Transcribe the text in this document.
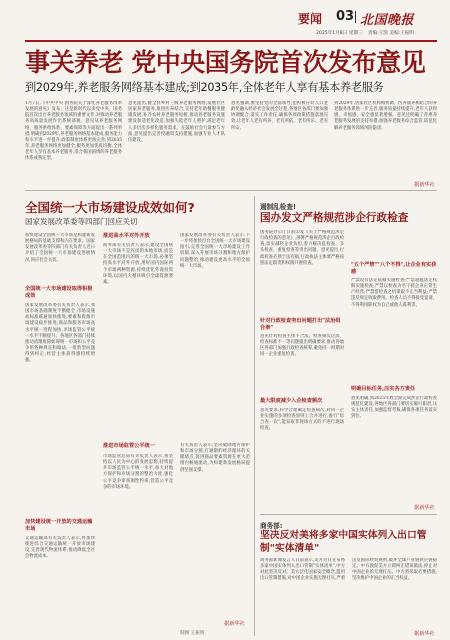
要闻 03 北国晚报
2025年1月8日 星期三 责编:王凯 美编:王振明
事关养老 党中央国务院首次发布意见
到2029年,养老服务网络基本建成;到2035年,全体老年人享有基本养老服务
1月7日,《中共中央 国务院关于深化养老服务改革发展的意见》发布。这是新时代以来党中央、国务院首次出台养老服务领域的重要文件,对推动养老服务高质量发展作出系统部署。意见从养老服务网络、服务供给体系、要素保障等方面提出一系列举措,明确到2029年,养老服务网络基本建成,服务能力和水平进一步提升,政策制度体系更加完善;到2035年,养老服务网络更加健全,服务更加优质均衡,全体老年人享有基本养老服务,适合我国国情的养老服务体系成熟定型。
意见提出,健全县乡村三级养老服务网络,发展社区居家养老服务,推进医养结合,支持老年助餐服务健康发展,补齐农村养老服务短板,推动养老服务设施建设和适老化改造,加强失能老年人照护,满足老年人多层次多样化服务需求。在鼓励社会力量参与方面,意见提出完善投融资支持措施,加强专业人才队伍建设。
意见强调,要坚持党的全面领导,把积极应对人口老龄化融入经济社会发展全过程,各地区各部门要加强协调配合,落实工作责任,确保各项政策措施落地见效,让老年人老有所养、老有所依、老有所乐、老有所安。
到2029年,居家社区机构相协调、医养康养相结合的养老服务体系进一步完善,服务质量持续提升,老年人获得感、幸福感、安全感显著增强。意见还明确了普惠养老服务发展的支持举措,加强养老服务综合监管,防范化解养老服务领域风险隐患。
据新华社
全国统一大市场建设成效如何?
国家发展改革委等四部门回应关切
加快建设全国统一大市场是构建新发展格局的基础支撑和内在要求。国家发展改革委等四部门有关负责人近日介绍了全国统一大市场建设进展情况,回应社会关切。
全国统一大市场建设取得积极成效
国家发展改革委有关负责人表示,我国市场基础制度不断健全,市场设施高标准联通加快推进,要素和资源市场建设稳步推进,商品和服务市场高水平统一进程加快,市场监管公平统一水平不断提升。各地区各部门持续推动清理废除妨碍统一市场和公平竞争的各种规定和做法,一批典型问题得到纠正,经营主体获得感持续增强。
加快建设统一开放的交通运输市场
交通运输部有关负责人表示,将加快推进综合交通运输统一开放市场建设,完善现代物流体系,推动降低全社会物流成本。
推进高水平对外开放
商务部有关负责人表示,建设全国统一大市场不是封闭的本地市场,而是在全国范围内的统一大市场,必须坚持高水平对外开放,用好国内国际两个市场两种资源,持续优化外商投资环境,以国内大循环吸引全球资源要素。
推进市场监管公平统一
市场监管总局有关负责人表示,将坚持以人民为中心的发展思想,持续提升市场监管公平统一水平,加大对地方保护和市场分割的整治力度,强化公平竞争审查刚性约束,营造公平竞争的市场环境。
国家发展改革委有关负责人表示,下一步将加快出台全国统一大市场建设指引,完善全国统一大市场建设工作机制,深入开展市场分割和地方保护问题整治,推动建设更高水平的全国统一大市场。
有关负责人表示,坚决破除地方保护和市场分割,打通制约经济循环的关键堵点,促进商品要素资源在更大范围内畅通流动,为构建新发展格局提供坚强支撑。
据新华社
制图 王振明
遏制乱检查!
国办发文严格规范涉企行政检查
国务院办公厅日前印发《关于严格规范涉企行政检查的意见》,部署严格规范涉企行政检查,切实减轻企业负担,着力解决乱检查、多头检查、重复检查等突出问题。意见提出,行政检查必须于法有据,行政执法主体要严格按照法定职责和权限开展检查。
针对行政检查突出问题打出"法治组合拳"
意见针对检查主体不合法、检查频次过高、检查标准不一等问题提出明确要求,推动各地区各部门加强行政检查统筹,避免同一时期对同一企业重复检查。
最大限度减少入企检查频次
意见要求,科学合理确定检查频次,对同一企业实施的多项检查原则上合并进行,推行"综合查一次",能采取非现场方式的不进行现场检查。
"五个严禁""八个不得",让企业有实获感
严禁没有法定依据实施检查;严禁超越法定权限实施检查;严禁以检查为名干扰企业正常生产经营;严禁借检查之机谋取不正当利益;严禁违反规定收取费用。检查人员不得接受宴请、不得利用职权为自己或他人谋利等。
明确目标任务,压实各方责任
意见明确,到2025年底全面完成涉企行政检查规范化建设,各地区各部门要切实履行职责,压实主体责任,加强监督考核,确保各项任务落实到位。
据新华社
商务部:
坚决反对美将多家中国实体列入出口管制"实体清单"
商务部新闻发言人日前表示,美方近日宣布将多家中国实体列入出口管制"实体清单",中方对此坚决反对。美方泛化国家安全概念,滥用出口管制措施,对中国企业实施无理打压,严重违反国际经贸规则,破坏全球产业链供应链稳定。中方敦促美方立即纠正错误做法,停止对中国企业的无理打压。中方将采取必要措施,坚决维护中国企业的正当权益。
据新华社
